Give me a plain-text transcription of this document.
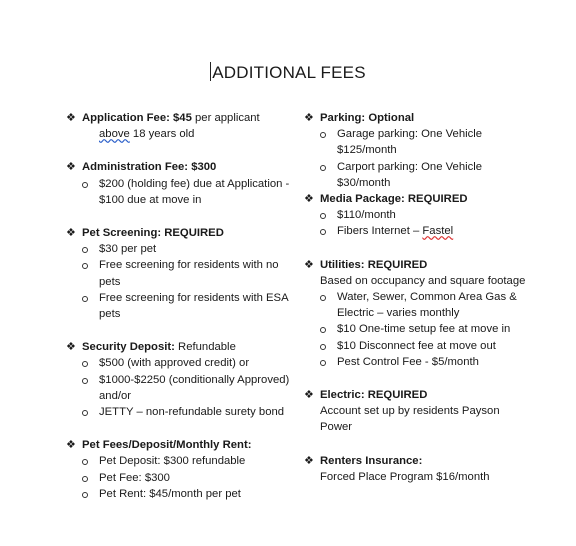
ADDITIONAL FEES
❖ Application Fee: $45 per applicant
above 18 years old
❖ Administration Fee: $300
$200 (holding fee) due at Application - $100 due at move in
❖ Pet Screening: REQUIRED
$30 per pet
Free screening for residents with no pets
Free screening for residents with ESA pets
❖ Security Deposit: Refundable
$500 (with approved credit) or
$1000-$2250 (conditionally Approved) and/or
JETTY – non-refundable surety bond
❖ Pet Fees/Deposit/Monthly Rent:
Pet Deposit: $300 refundable
Pet Fee: $300
Pet Rent: $45/month per pet
❖ Parking: Optional
Garage parking: One Vehicle $125/month
Carport parking: One Vehicle $30/month
❖ Media Package: REQUIRED
$110/month
Fibers Internet – Fastel
❖ Utilities: REQUIRED
Based on occupancy and square footage
Water, Sewer, Common Area Gas & Electric – varies monthly
$10 One-time setup fee at move in
$10 Disconnect fee at move out
Pest Control Fee - $5/month
❖ Electric: REQUIRED
Account set up by residents Payson Power
❖ Renters Insurance:
Forced Place Program $16/month
